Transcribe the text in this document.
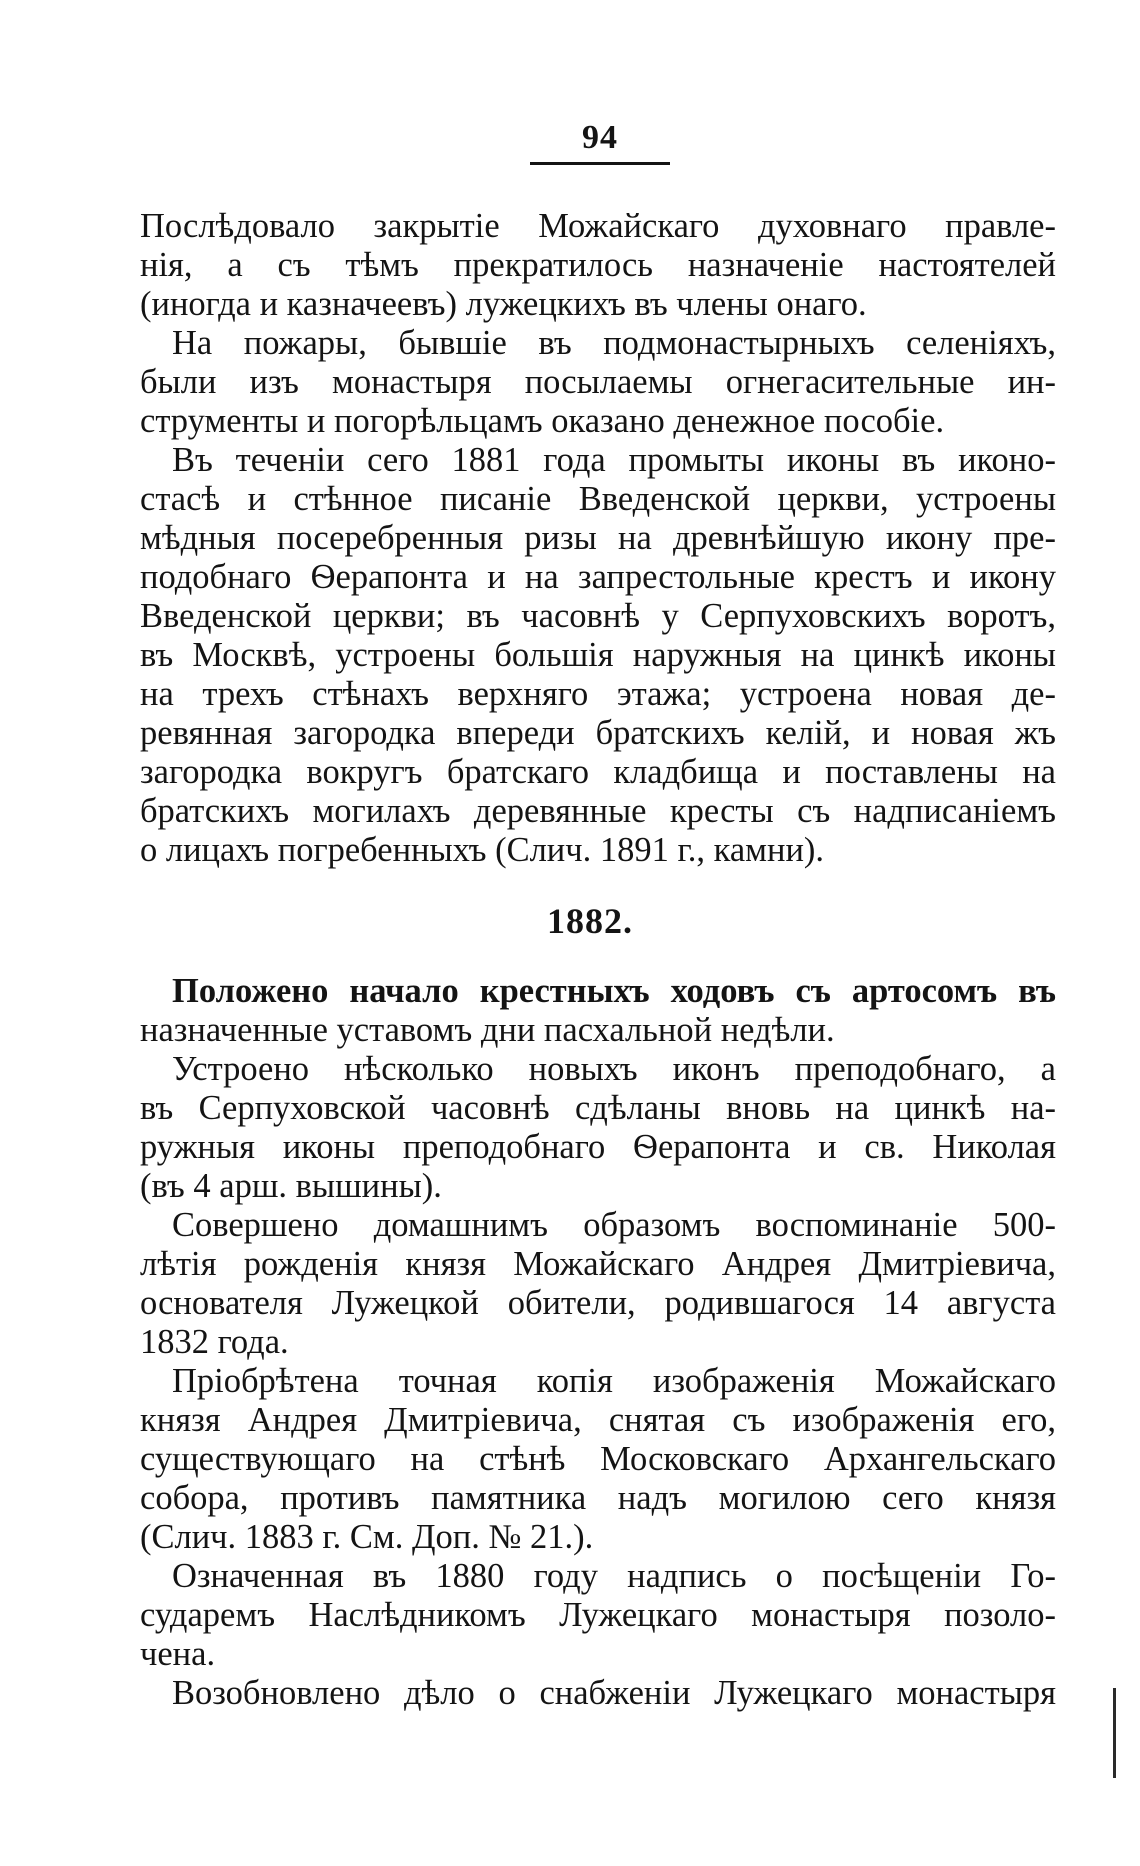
94
Послѣдовало закрытіе Можайскаго духовнаго правле-
нія, а съ тѣмъ прекратилось назначеніе настоятелей
(иногда и казначеевъ) лужецкихъ въ члены онаго.
На пожары, бывшіе въ подмонастырныхъ селеніяхъ,
были изъ монастыря посылаемы огнегасительные ин-
струменты и погорѣльцамъ оказано денежное пособіе.
Въ теченіи сего 1881 года промыты иконы въ иконо-
стасѣ и стѣнное писаніе Введенской церкви, устроены
мѣдныя посеребренныя ризы на древнѣйшую икону пре-
подобнаго Ѳерапонта и на запрестольные крестъ и икону
Введенской церкви; въ часовнѣ у Серпуховскихъ воротъ,
въ Москвѣ, устроены большія наружныя на цинкѣ иконы
на трехъ стѣнахъ верхняго этажа; устроена новая де-
ревянная загородка впереди братскихъ келій, и новая жъ
загородка вокругъ братскаго кладбища и поставлены на
братскихъ могилахъ деревянные кресты съ надписаніемъ
о лицахъ погребенныхъ (Слич. 1891 г., камни).
1882.
Положено начало крестныхъ ходовъ съ артосомъ въ
назначенные уставомъ дни пасхальной недѣли.
Устроено нѣсколько новыхъ иконъ преподобнаго, а
въ Серпуховской часовнѣ сдѣланы вновь на цинкѣ на-
ружныя иконы преподобнаго Ѳерапонта и св. Николая
(въ 4 арш. вышины).
Совершено домашнимъ образомъ воспоминаніе 500-
лѣтія рожденія князя Можайскаго Андрея Дмитріевича,
основателя Лужецкой обители, родившагося 14 августа
1832 года.
Пріобрѣтена точная копія изображенія Можайскаго
князя Андрея Дмитріевича, снятая съ изображенія его,
существующаго на стѣнѣ Московскаго Архангельскаго
собора, противъ памятника надъ могилою сего князя
(Слич. 1883 г. См. Доп. № 21.).
Означенная въ 1880 году надпись о посѣщеніи Го-
сударемъ Наслѣдникомъ Лужецкаго монастыря позоло-
чена.
Возобновлено дѣло о снабженіи Лужецкаго монастыря
